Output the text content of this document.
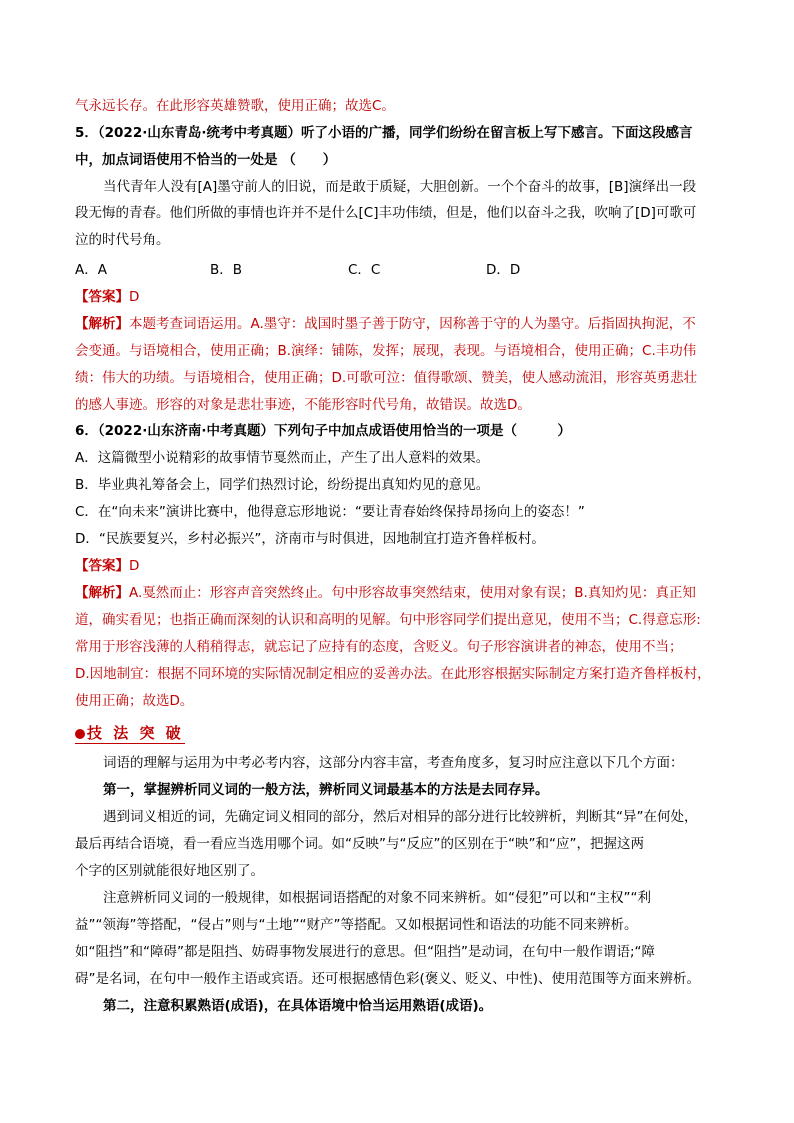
气永远长存。在此形容英雄赞歌，使用正确；故选C。
5．（2022·山东青岛·统考中考真题）听了小语的广播，同学们纷纷在留言板上写下感言。下面这段感言
中，加点词语使用不恰当的一处是 （　　）
当代青年人没有[A]墨守前人的旧说，而是敢于质疑，大胆创新。一个个奋斗的故事，[B]演绎出一段
段无悔的青春。他们所做的事情也许并不是什么[C]丰功伟绩，但是，他们以奋斗之我，吹响了[D]可歌可
泣的时代号角。
A．A	B．B	C．C	D．D
【答案】D
【解析】本题考查词语运用。A.墨守：战国时墨子善于防守，因称善于守的人为墨守。后指固执拘泥，不
会变通。与语境相合，使用正确；B.演绎：铺陈，发挥；展现，表现。与语境相合，使用正确；C.丰功伟
绩：伟大的功绩。与语境相合，使用正确；D.可歌可泣：值得歌颂、赞美，使人感动流泪，形容英勇悲壮
的感人事迹。形容的对象是悲壮事迹，不能形容时代号角，故错误。故选D。
6．（2022·山东济南·中考真题）下列句子中加点成语使用恰当的一项是（　　　）
A．这篇微型小说精彩的故事情节戛然而止，产生了出人意料的效果。
B．毕业典礼筹备会上，同学们热烈讨论，纷纷提出真知灼见的意见。
C．在“向未来”演讲比赛中，他得意忘形地说：“要让青春始终保持昂扬向上的姿态！”
D．“民族要复兴，乡村必振兴”，济南市与时俱进，因地制宜打造齐鲁样板村。
【答案】D
【解析】A.戛然而止：形容声音突然终止。句中形容故事突然结束，使用对象有误；B.真知灼见：真正知
道，确实看见；也指正确而深刻的认识和高明的见解。句中形容同学们提出意见，使用不当；C.得意忘形:
常用于形容浅薄的人稍稍得志，就忘记了应持有的态度，含贬义。句子形容演讲者的神态，使用不当；
D.因地制宜：根据不同环境的实际情况制定相应的妥善办法。在此形容根据实际制定方案打造齐鲁样板村，
使用正确；故选D。
技 法 突 破
词语的理解与运用为中考必考内容，这部分内容丰富，考查角度多，复习时应注意以下几个方面：
第一，掌握辨析同义词的一般方法，辨析同义词最基本的方法是去同存异。
遇到词义相近的词，先确定词义相同的部分，然后对相异的部分进行比较辨析，判断其“异”在何处，
最后再结合语境，看一看应当选用哪个词。如“反映”与“反应”的区别在于“映”和“应”，把握这两
个字的区别就能很好地区别了。
注意辨析同义词的一般规律，如根据词语搭配的对象不同来辨析。如“侵犯”可以和“主权”“利
益”“领海”等搭配，“侵占”则与“土地”“财产”等搭配。又如根据词性和语法的功能不同来辨析。
如“阻挡”和“障碍”都是阻挡、妨碍事物发展进行的意思。但“阻挡”是动词，在句中一般作谓语;“障
碍”是名词，在句中一般作主语或宾语。还可根据感情色彩(褒义、贬义、中性)、使用范围等方面来辨析。
第二，注意积累熟语(成语)，在具体语境中恰当运用熟语(成语)。
